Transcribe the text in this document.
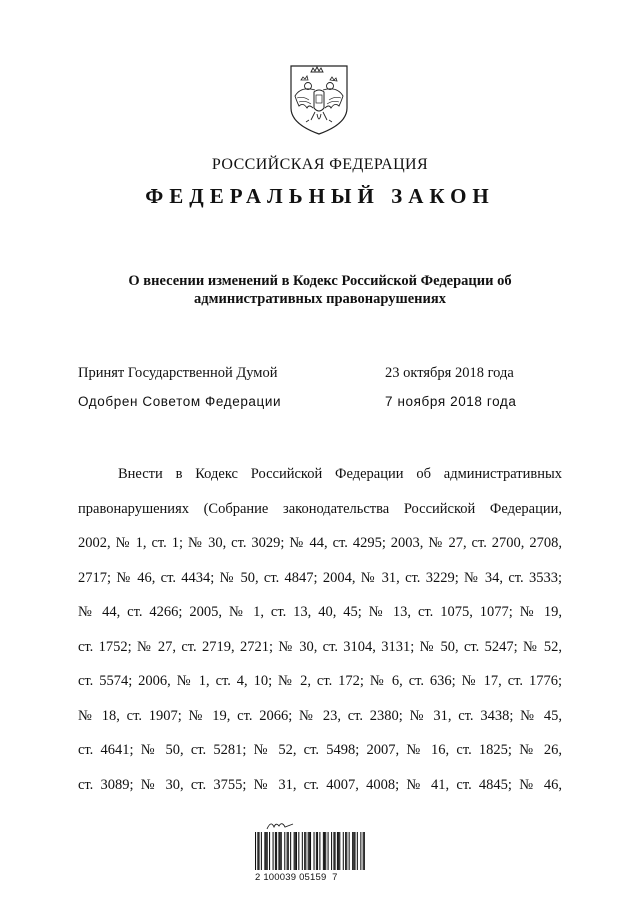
РОССИЙСКАЯ ФЕДЕРАЦИЯ
ФЕДЕРАЛЬНЫЙ ЗАКОН
О внесении изменений в Кодекс Российской Федерации об
административных правонарушениях
Принят Государственной Думой	23 октября 2018 года
Одобрен Советом Федерации	7 ноября 2018 года
Внести в Кодекс Российской Федерации об административных
правонарушениях (Собрание законодательства Российской Федерации,
2002, № 1, ст. 1; № 30, ст. 3029; № 44, ст. 4295; 2003, № 27, ст. 2700, 2708,
2717; № 46, ст. 4434; № 50, ст. 4847; 2004, № 31, ст. 3229; № 34, ст. 3533;
№ 44, ст. 4266; 2005, № 1, ст. 13, 40, 45; № 13, ст. 1075, 1077; № 19,
ст. 1752; № 27, ст. 2719, 2721; № 30, ст. 3104, 3131; № 50, ст. 5247; № 52,
ст. 5574; 2006, № 1, ст. 4, 10; № 2, ст. 172; № 6, ст. 636; № 17, ст. 1776;
№ 18, ст. 1907; № 19, ст. 2066; № 23, ст. 2380; № 31, ст. 3438; № 45,
ст. 4641; № 50, ст. 5281; № 52, ст. 5498; 2007, № 16, ст. 1825; № 26,
ст. 3089; № 30, ст. 3755; № 31, ст. 4007, 4008; № 41, ст. 4845; № 46,
2 100039 05159  7
